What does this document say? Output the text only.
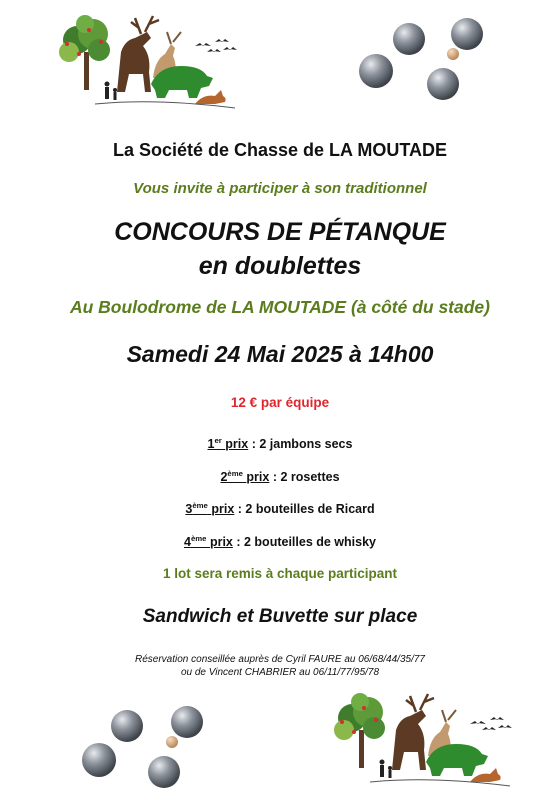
La Société de Chasse de LA MOUTADE
Vous invite à participer à son traditionnel
CONCOURS DE PÉTANQUE
en doublettes
Au Boulodrome de LA MOUTADE (à côté du stade)
Samedi 24 Mai 2025 à 14h00
12 € par équipe
1er prix : 2 jambons secs
2ème prix : 2 rosettes
3ème prix : 2 bouteilles de Ricard
4ème prix : 2 bouteilles de whisky
1 lot sera remis à chaque participant
Sandwich et Buvette sur place
Réservation conseillée auprès de Cyril FAURE au 06/68/44/35/77
ou de Vincent CHABRIER au 06/11/77/95/78
